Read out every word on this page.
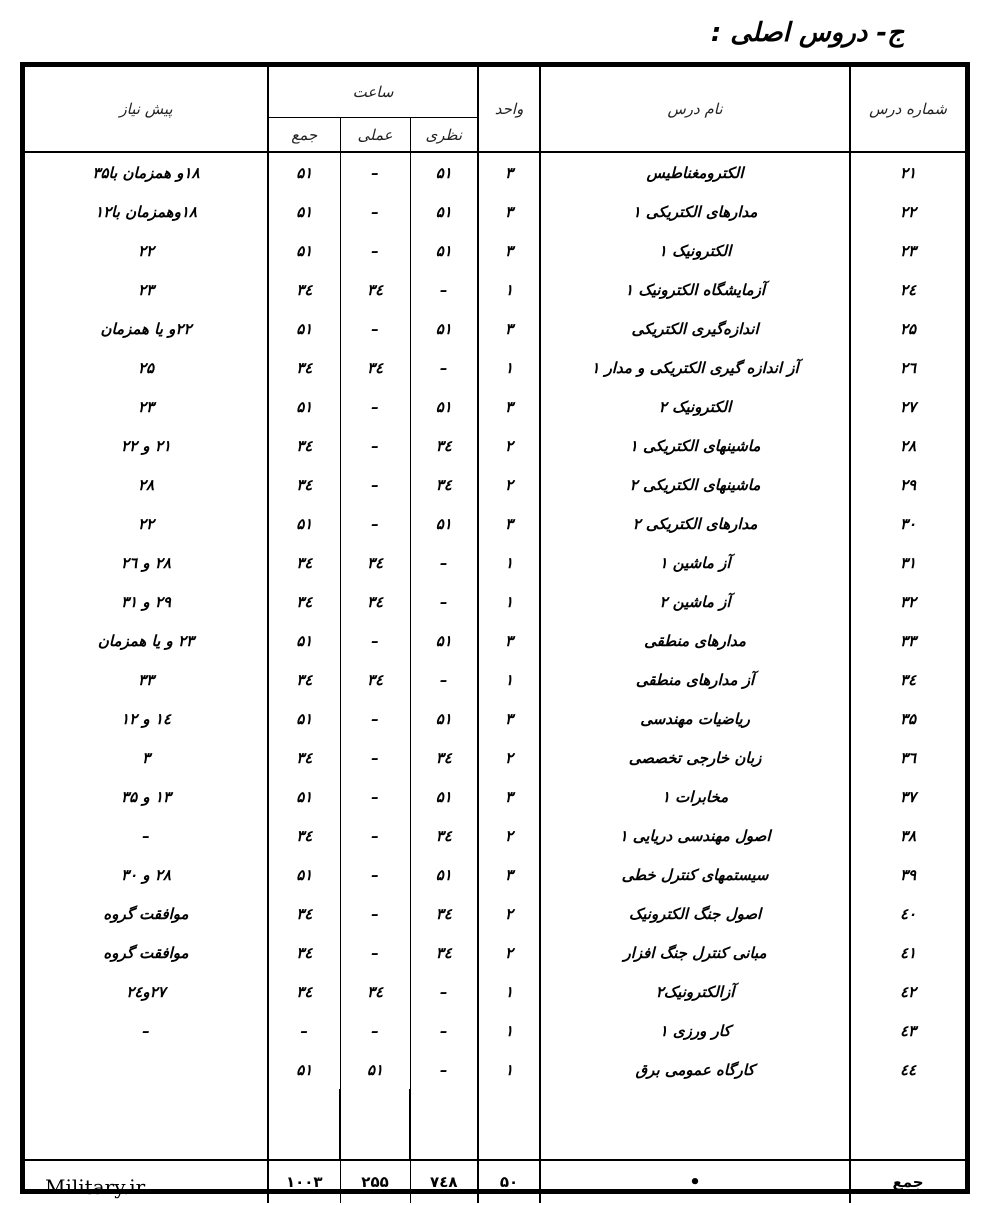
ج- دروس اصلی :
شماره درس	نام درس	واحد	ساعت			پیش نیاز
			نظری	عملی	جمع	

۲۱	الکترومغناطیس	۳	۵۱	–	۵۱	۱۸و همزمان با۳۵
۲۲	مدارهای الکتریکی ۱	۳	۵۱	–	۵۱	۱۸وهمزمان با۱۲
۲۳	الکترونیک ۱	۳	۵۱	–	۵۱	۲۲
۲٤	آزمایشگاه الکترونیک ۱	۱	–	۳٤	۳٤	۲۳
۲۵	اندازه‌گیری الکتریکی	۳	۵۱	–	۵۱	۲۲و یا همزمان
۲٦	آز اندازه گیری الکتریکی و مدار ۱	۱	–	۳٤	۳٤	۲۵
۲۷	الکترونیک ۲	۳	۵۱	–	۵۱	۲۳
۲۸	ماشینهای الکتریکی ۱	۲	۳٤	–	۳٤	۲۱ و ۲۲
۲۹	ماشینهای الکتریکی ۲	۲	۳٤	–	۳٤	۲۸
۳۰	مدارهای الکتریکی ۲	۳	۵۱	–	۵۱	۲۲
۳۱	آز ماشین ۱	۱	–	۳٤	۳٤	۲۸ و ۲٦
۳۲	آز ماشین ۲	۱	–	۳٤	۳٤	۲۹ و ۳۱
۳۳	مدارهای منطقی	۳	۵۱	–	۵۱	۲۳ و یا همزمان
۳٤	آز مدارهای منطقی	۱	–	۳٤	۳٤	۳۳
۳۵	ریاضیات مهندسی	۳	۵۱	–	۵۱	۱٤ و ۱۲
۳٦	زبان خارجی تخصصی	۲	۳٤	–	۳٤	۳
۳۷	مخابرات ۱	۳	۵۱	–	۵۱	۱۳ و ۳۵
۳۸	اصول مهندسی دریایی ۱	۲	۳٤	–	۳٤	–
۳۹	سیستمهای کنترل خطی	۳	۵۱	–	۵۱	۲۸ و ۳۰
٤۰	اصول جنگ الکترونیک	۲	۳٤	–	۳٤	موافقت گروه
٤۱	مبانی کنترل جنگ افزار	۲	۳٤	–	۳٤	موافقت گروه
٤۲	آزالکترونیک۲	۱	–	۳٤	۳٤	۲۷و۲٤
٤۳	کار ورزی ۱	۱	–	–	–	–
٤٤	کارگاه عمومی برق	۱	–	۵۱	۵۱	

جمع	•	۵۰	۷٤۸	۲۵۵	۱۰۰۳	Military.ir
